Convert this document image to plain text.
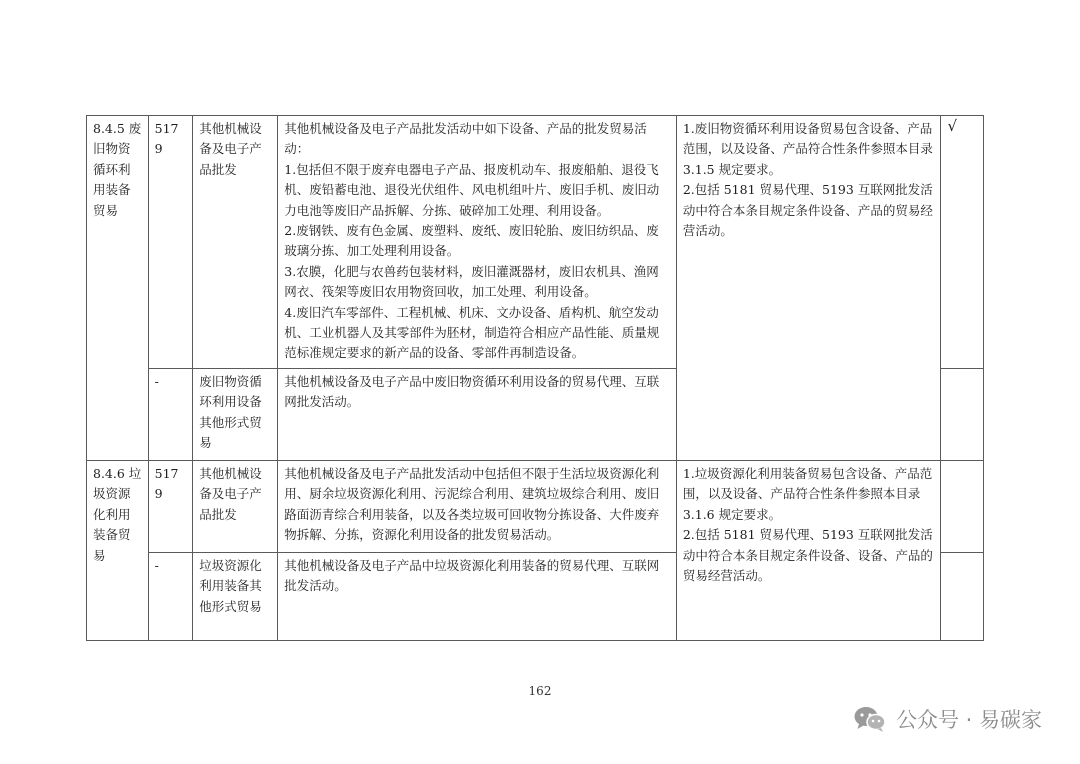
8.4.5 废旧物资循环利用装备贸易	5179	其他机械设备及电子产品批发	其他机械设备及电子产品批发活动中如下设备、产品的批发贸易活动：
1.包括但不限于废弃电器电子产品、报废机动车、报废船舶、退役飞机、废铅蓄电池、退役光伏组件、风电机组叶片、废旧手机、废旧动力电池等废旧产品拆解、分拣、破碎加工处理、利用设备。
2.废钢铁、废有色金属、废塑料、废纸、废旧轮胎、废旧纺织品、废玻璃分拣、加工处理利用设备。
3.农膜，化肥与农兽药包装材料，废旧灌溉器材，废旧农机具、渔网网衣、筏架等废旧农用物资回收，加工处理、利用设备。
4.废旧汽车零部件、工程机械、机床、文办设备、盾构机、航空发动机、工业机器人及其零部件为胚材，制造符合相应产品性能、质量规范标准规定要求的新产品的设备、零部件再制造设备。	1.废旧物资循环利用设备贸易包含设备、产品范围，以及设备、产品符合性条件参照本目录 3.1.5 规定要求。
2.包括 5181 贸易代理、5193 互联网批发活动中符合本条目规定条件设备、产品的贸易经营活动。	√

	-	废旧物资循环利用设备其他形式贸易	其他机械设备及电子产品中废旧物资循环利用设备的贸易代理、互联网批发活动。		

8.4.6 垃圾资源化利用装备贸易	5179	其他机械设备及电子产品批发	其他机械设备及电子产品批发活动中包括但不限于生活垃圾资源化利用、厨余垃圾资源化利用、污泥综合利用、建筑垃圾综合利用、废旧路面沥青综合利用装备，以及各类垃圾可回收物分拣设备、大件废弃物拆解、分拣，资源化利用设备的批发贸易活动。	1.垃圾资源化利用装备贸易包含设备、产品范围，以及设备、产品符合性条件参照本目录 3.1.6 规定要求。
2.包括 5181 贸易代理、5193 互联网批发活动中符合本条目规定条件设备、设备、产品的贸易经营活动。	

	-	垃圾资源化利用装备其他形式贸易	其他机械设备及电子产品中垃圾资源化利用装备的贸易代理、互联网批发活动。		

162
公众号 · 易碳家
